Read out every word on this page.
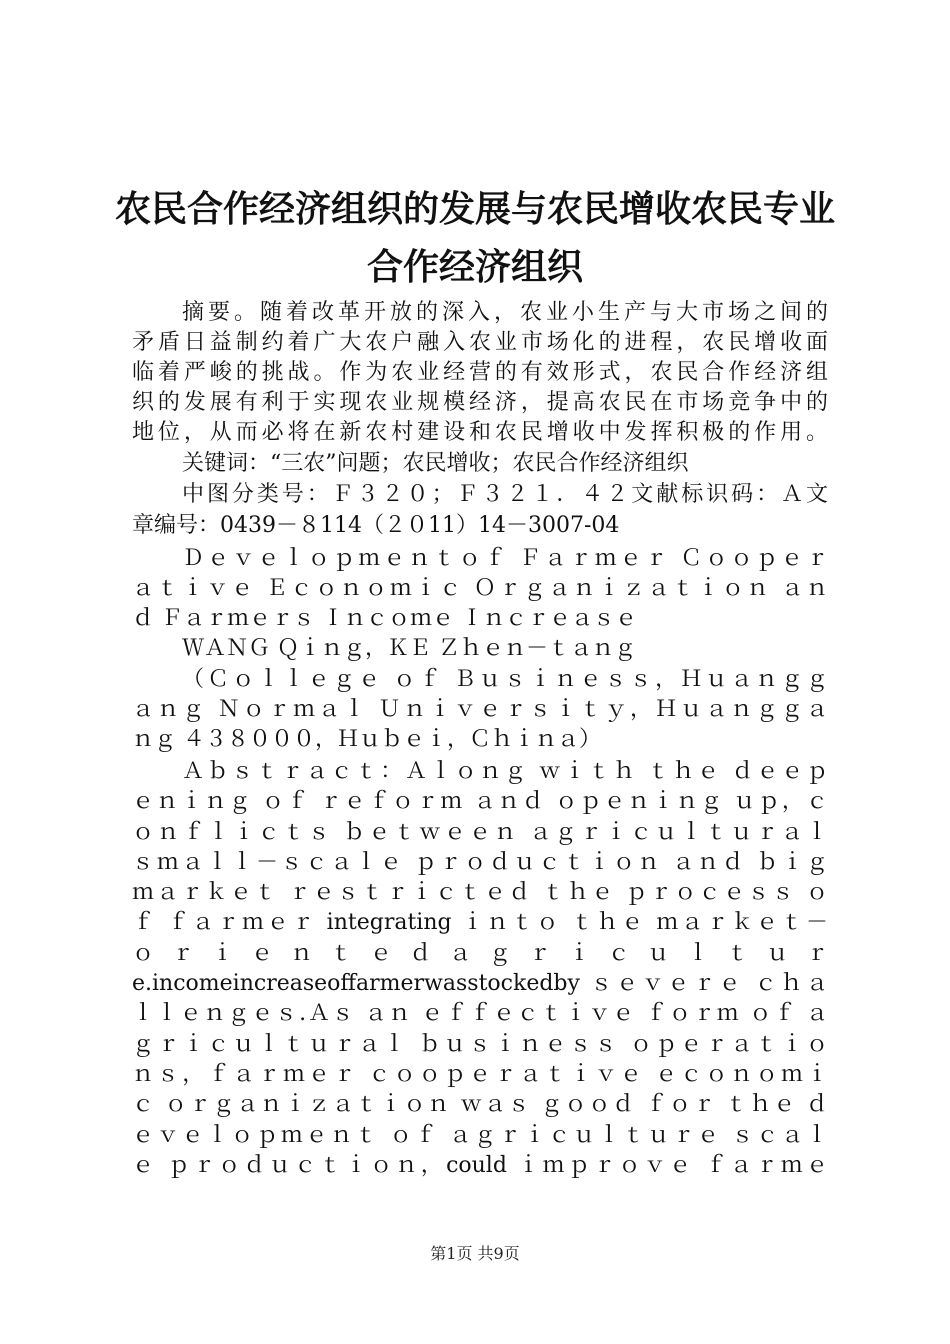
农民合作经济组织的发展与农民增收农民专业
合作经济组织
摘要。随着改革开放的深入，农业小生产与大市场之间的
矛盾日益制约着广大农户融入农业市场化的进程，农民增收面
临着严峻的挑战。作为农业经营的有效形式，农民合作经济组
织的发展有利于实现农业规模经济，提高农民在市场竞争中的
地位，从而必将在新农村建设和农民增收中发挥积极的作用。
关键词：“三农”问题；农民增收；农民合作经济组织
中图分类号：Ｆ３２０；Ｆ３２１．４２文献标识码：Ａ文
章编号：0439－８114（２０11）14－3007-04
Ｄｅｖｅｌｏｐｍｅｎｔｏｆ Ｆａｒｍｅｒ Ｃｏｏｐｅｒ
ａｔｉｖｅ Ｅｃｏｎｏｍｉｃ Ｏｒｇａｎｉｚａｔｉｏｎ ａｎ
ｄ Ｆａｒｍｅｒｓ Ｉｎｃｏｍｅ Ｉｎｃｒｅａｓｅ
ＷＡＮＧ Ｑｉｎｇ，ＫＥ Ｚｈｅｎ－ｔａｎｇ
（Ｃｏｌｌｅｇｅ ｏｆ Ｂｕｓｉｎｅｓｓ，Ｈｕａｎｇｇ
ａｎｇ Ｎｏｒｍａｌ Ｕｎｉｖｅｒｓｉｔｙ，Ｈｕａｎｇｇａ
ｎｇ ４３８０００，Ｈｕｂｅｉ，Ｃｈｉｎａ）
Ａｂｓｔｒａｃｔ：Ａｌｏｎｇ ｗｉｔｈ ｔｈｅ ｄｅｅｐ
ｅｎｉｎｇ ｏｆ ｒｅｆｏｒｍ ａｎｄ ｏｐｅｎｉｎｇ ｕｐ，ｃ
ｏｎｆｌｉｃｔｓ ｂｅｔｗｅｅｎ ａｇｒｉｃｕｌｔｕｒａｌ
ｓｍａｌｌ－ｓｃａｌｅ ｐｒｏｄｕｃｔｉｏｎ ａｎｄ ｂｉｇ
ｍａｒｋｅｔ ｒｅｓｔｒｉｃｔｅｄ ｔｈｅ ｐｒｏｃｅｓｓ ｏ
ｆ ｆａｒｍｅｒ integrating ｉｎｔｏ ｔｈｅ ｍａｒｋｅｔ－
ｏ ｒ ｉ ｅ ｎ ｔ ｅ ｄ ａ ｇ ｒ ｉ ｃ ｕ ｌ ｔ ｕ ｒ
e.incomeincreaseoffarmerwasstockedby ｓｅｖｅｒｅ ｃｈａ
ｌｌｅｎｇｅｓ.Ａｓ ａｎ ｅｆｆｅｃｔｉｖｅ ｆｏｒｍ ｏｆ ａ
ｇｒｉｃｕｌｔｕｒａｌ ｂｕｓｉｎｅｓｓ ｏｐｅｒａｔｉｏ
ｎｓ，ｆａｒｍｅｒ ｃｏｏｐｅｒａｔｉｖｅ ｅｃｏｎｏｍｉ
ｃ ｏｒｇａｎｉｚａｔｉｏｎ ｗａｓ ｇｏｏｄ ｆｏｒ ｔｈｅ ｄ
ｅｖｅｌｏｐｍｅｎｔ ｏｆ ａｇｒｉｃｕｌｔｕｒｅ ｓｃａｌ
ｅ ｐｒｏｄｕｃｔｉｏｎ，could ｉｍｐｒｏｖｅ ｆａｒｍｅ
第1页 共9页
